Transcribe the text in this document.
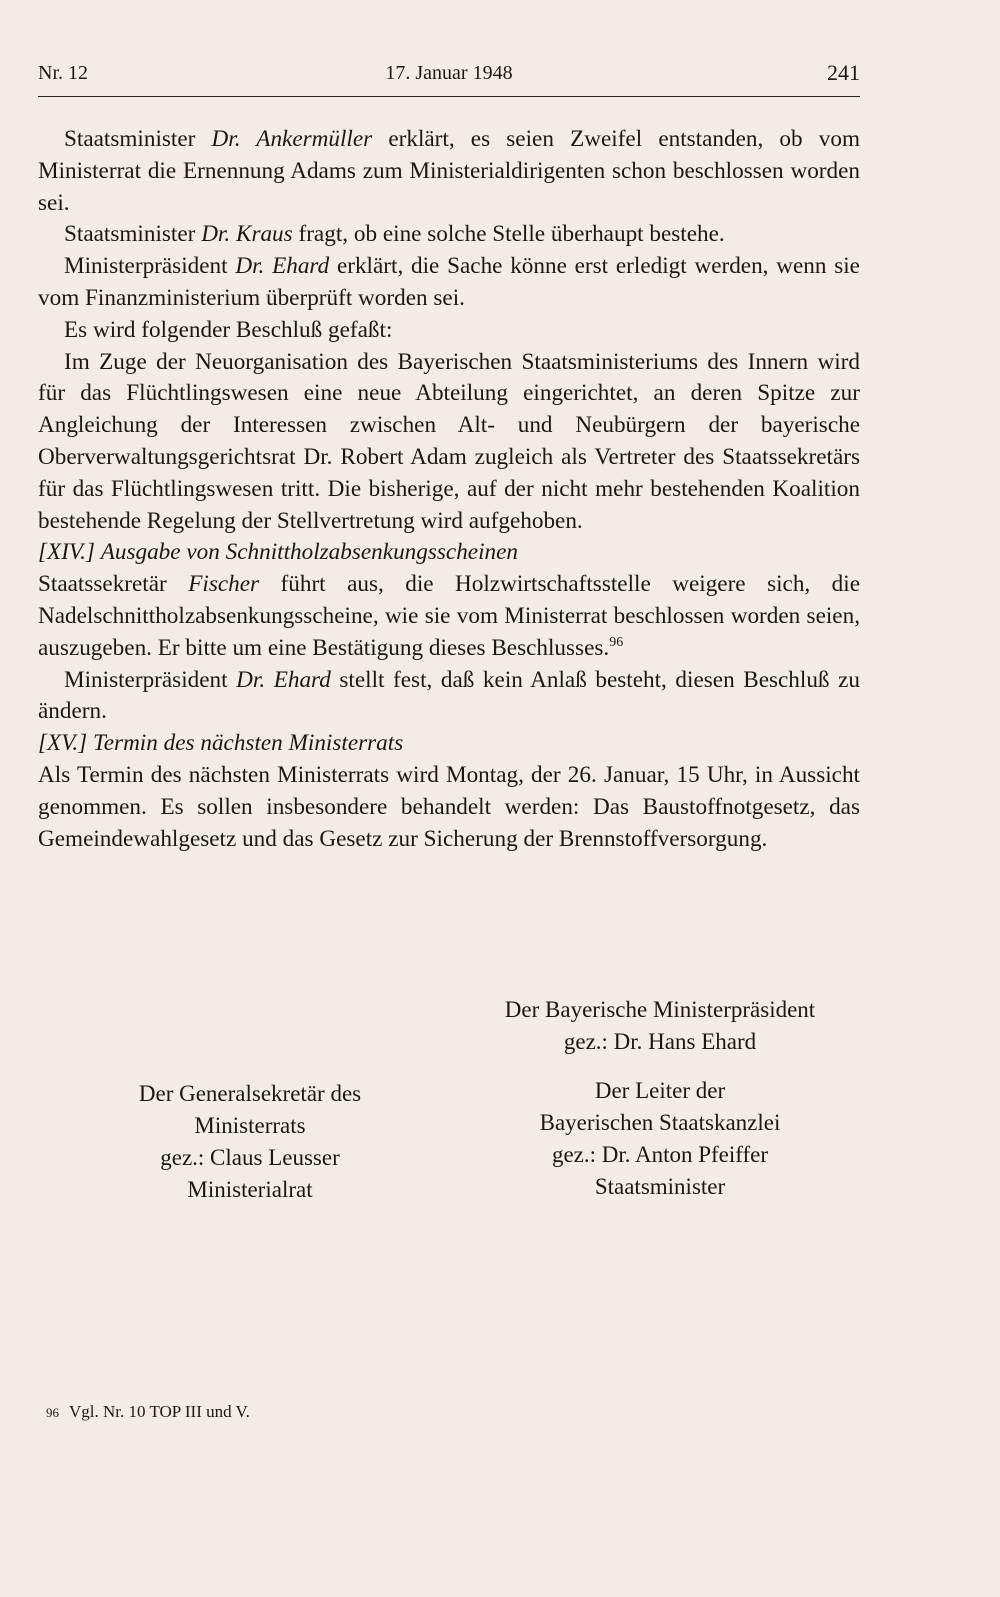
Nr. 12	17. Januar 1948	241

Staatsminister Dr. Ankermüller erklärt, es seien Zweifel entstanden, ob vom Ministerrat die Ernennung Adams zum Ministerialdirigenten schon beschlossen worden sei.

Staatsminister Dr. Kraus fragt, ob eine solche Stelle überhaupt bestehe.

Ministerpräsident Dr. Ehard erklärt, die Sache könne erst erledigt werden, wenn sie vom Finanzministerium überprüft worden sei.

Es wird folgender Beschluß gefaßt:

Im Zuge der Neuorganisation des Bayerischen Staatsministeriums des Innern wird für das Flüchtlingswesen eine neue Abteilung eingerichtet, an deren Spitze zur Angleichung der Interessen zwischen Alt- und Neubürgern der bayerische Oberverwaltungsgerichtsrat Dr. Robert Adam zugleich als Vertreter des Staatssekretärs für das Flüchtlingswesen tritt. Die bisherige, auf der nicht mehr bestehenden Koalition bestehende Regelung der Stellvertretung wird aufgehoben.

[XIV.] Ausgabe von Schnittholzabsenkungsscheinen

Staatssekretär Fischer führt aus, die Holzwirtschaftsstelle weigere sich, die Nadelschnittholzabsenkungsscheine, wie sie vom Ministerrat beschlossen worden seien, auszugeben. Er bitte um eine Bestätigung dieses Beschlusses.$^{96}$

Ministerpräsident Dr. Ehard stellt fest, daß kein Anlaß besteht, diesen Beschluß zu ändern.

[XV.] Termin des nächsten Ministerrats

Als Termin des nächsten Ministerrats wird Montag, der 26. Januar, 15 Uhr, in Aussicht genommen. Es sollen insbesondere behandelt werden: Das Baustoffnotgesetz, das Gemeindewahlgesetz und das Gesetz zur Sicherung der Brennstoffversorgung.

Der Bayerische Ministerpräsident
gez.: Dr. Hans Ehard
Der Generalsekretär des
Ministerrats
gez.: Claus Leusser
Ministerialrat
Der Leiter der
Bayerischen Staatskanzlei
gez.: Dr. Anton Pfeiffer
Staatsminister
96 Vgl. Nr. 10 TOP III und V.
